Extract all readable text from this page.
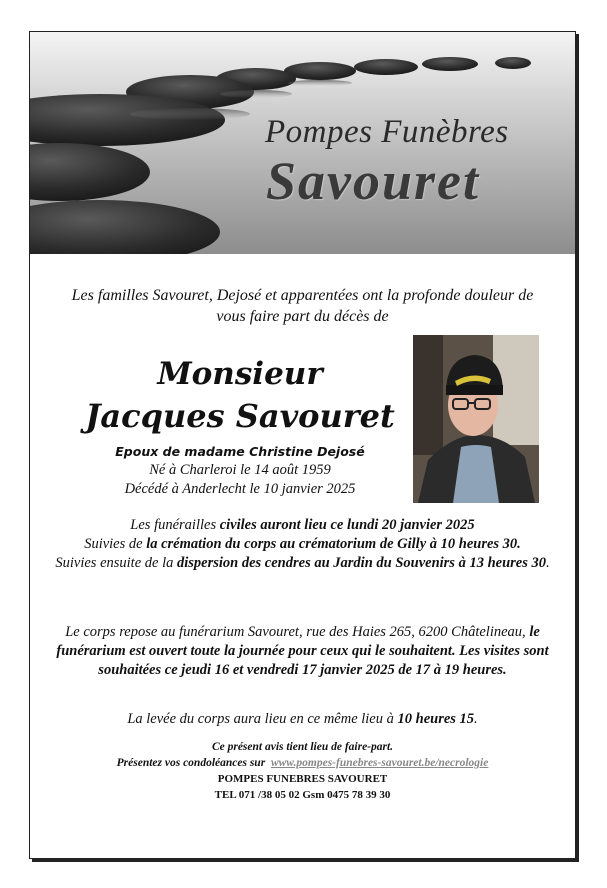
Pompes Funèbres
Savouret
Les familles Savouret, Dejosé et apparentées ont la profonde douleur de vous faire part du décès de
Monsieur
Jacques Savouret
Epoux de madame Christine Dejosé
Né à Charleroi le 14 août 1959
Décédé à Anderlecht le 10 janvier 2025
Les funérailles civiles auront lieu ce lundi 20 janvier 2025
Suivies de la crémation du corps au crématorium de Gilly à 10 heures 30.
Suivies ensuite de la dispersion des cendres au Jardin du Souvenirs à 13 heures 30.
Le corps repose au funérarium Savouret, rue des Haies 265, 6200 Châtelineau, le funérarium est ouvert toute la journée pour ceux qui le souhaitent. Les visites sont souhaitées ce jeudi 16 et vendredi 17 janvier 2025 de 17 à 19 heures.
La levée du corps aura lieu en ce même lieu à 10 heures 15.
Ce présent avis tient lieu de faire-part.
Présentez vos condoléances sur www.pompes-funebres-savouret.be/necrologie
POMPES FUNEBRES SAVOURET
TEL 071 /38 05 02 Gsm 0475 78 39 30
